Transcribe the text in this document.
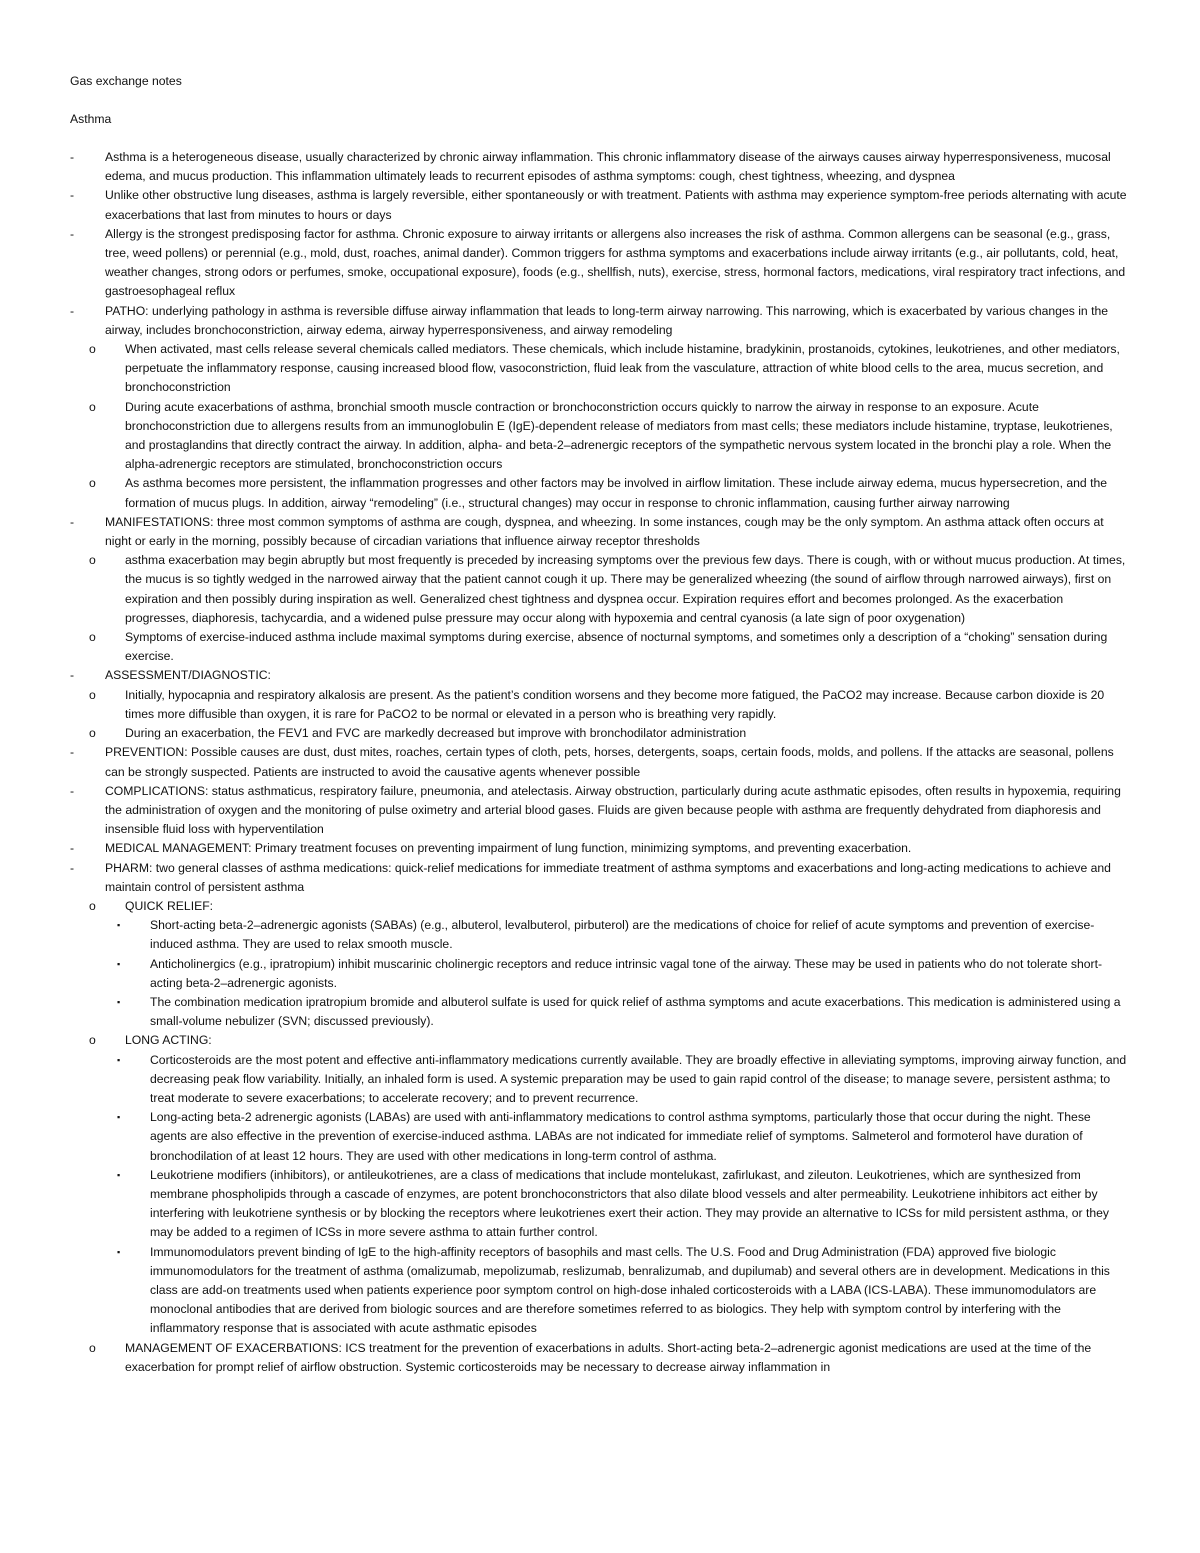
Gas exchange notes
Asthma
-	Asthma is a heterogeneous disease, usually characterized by chronic airway inflammation. This chronic inflammatory disease of the airways causes airway hyperresponsiveness, mucosal edema, and mucus production. This inflammation ultimately leads to recurrent episodes of asthma symptoms: cough, chest tightness, wheezing, and dyspnea
-	Unlike other obstructive lung diseases, asthma is largely reversible, either spontaneously or with treatment. Patients with asthma may experience symptom-free periods alternating with acute exacerbations that last from minutes to hours or days
-	Allergy is the strongest predisposing factor for asthma. Chronic exposure to airway irritants or allergens also increases the risk of asthma. Common allergens can be seasonal (e.g., grass, tree, weed pollens) or perennial (e.g., mold, dust, roaches, animal dander). Common triggers for asthma symptoms and exacerbations include airway irritants (e.g., air pollutants, cold, heat, weather changes, strong odors or perfumes, smoke, occupational exposure), foods (e.g., shellfish, nuts), exercise, stress, hormonal factors, medications, viral respiratory tract infections, and gastroesophageal reflux
-	PATHO: underlying pathology in asthma is reversible diffuse airway inflammation that leads to long-term airway narrowing. This narrowing, which is exacerbated by various changes in the airway, includes bronchoconstriction, airway edema, airway hyperresponsiveness, and airway remodeling
o When activated, mast cells release several chemicals called mediators. These chemicals, which include histamine, bradykinin, prostanoids, cytokines, leukotrienes, and other mediators, perpetuate the inflammatory response, causing increased blood flow, vasoconstriction, fluid leak from the vasculature, attraction of white blood cells to the area, mucus secretion, and bronchoconstriction
o During acute exacerbations of asthma, bronchial smooth muscle contraction or bronchoconstriction occurs quickly to narrow the airway in response to an exposure. Acute bronchoconstriction due to allergens results from an immunoglobulin E (IgE)-dependent release of mediators from mast cells; these mediators include histamine, tryptase, leukotrienes, and prostaglandins that directly contract the airway. In addition, alpha- and beta-2–adrenergic receptors of the sympathetic nervous system located in the bronchi play a role. When the alpha-adrenergic receptors are stimulated, bronchoconstriction occurs
o As asthma becomes more persistent, the inflammation progresses and other factors may be involved in airflow limitation. These include airway edema, mucus hypersecretion, and the formation of mucus plugs. In addition, airway “remodeling” (i.e., structural changes) may occur in response to chronic inflammation, causing further airway narrowing
-	MANIFESTATIONS: three most common symptoms of asthma are cough, dyspnea, and wheezing. In some instances, cough may be the only symptom. An asthma attack often occurs at night or early in the morning, possibly because of circadian variations that influence airway receptor thresholds
o asthma exacerbation may begin abruptly but most frequently is preceded by increasing symptoms over the previous few days. There is cough, with or without mucus production. At times, the mucus is so tightly wedged in the narrowed airway that the patient cannot cough it up. There may be generalized wheezing (the sound of airflow through narrowed airways), first on expiration and then possibly during inspiration as well. Generalized chest tightness and dyspnea occur. Expiration requires effort and becomes prolonged. As the exacerbation progresses, diaphoresis, tachycardia, and a widened pulse pressure may occur along with hypoxemia and central cyanosis (a late sign of poor oxygenation)
o Symptoms of exercise-induced asthma include maximal symptoms during exercise, absence of nocturnal symptoms, and sometimes only a description of a “choking” sensation during exercise.
-	ASSESSMENT/DIAGNOSTIC:
o Initially, hypocapnia and respiratory alkalosis are present. As the patient’s condition worsens and they become more fatigued, the PaCO2 may increase. Because carbon dioxide is 20 times more diffusible than oxygen, it is rare for PaCO2 to be normal or elevated in a person who is breathing very rapidly.
o During an exacerbation, the FEV1 and FVC are markedly decreased but improve with bronchodilator administration
-	PREVENTION: Possible causes are dust, dust mites, roaches, certain types of cloth, pets, horses, detergents, soaps, certain foods, molds, and pollens. If the attacks are seasonal, pollens can be strongly suspected. Patients are instructed to avoid the causative agents whenever possible
-	COMPLICATIONS: status asthmaticus, respiratory failure, pneumonia, and atelectasis. Airway obstruction, particularly during acute asthmatic episodes, often results in hypoxemia, requiring the administration of oxygen and the monitoring of pulse oximetry and arterial blood gases. Fluids are given because people with asthma are frequently dehydrated from diaphoresis and insensible fluid loss with hyperventilation
-	MEDICAL MANAGEMENT: Primary treatment focuses on preventing impairment of lung function, minimizing symptoms, and preventing exacerbation.
-	PHARM: two general classes of asthma medications: quick-relief medications for immediate treatment of asthma symptoms and exacerbations and long-acting medications to achieve and maintain control of persistent asthma
o QUICK RELIEF:
▪ Short-acting beta-2–adrenergic agonists (SABAs) (e.g., albuterol, levalbuterol, pirbuterol) are the medications of choice for relief of acute symptoms and prevention of exercise-induced asthma. They are used to relax smooth muscle.
▪ Anticholinergics (e.g., ipratropium) inhibit muscarinic cholinergic receptors and reduce intrinsic vagal tone of the airway. These may be used in patients who do not tolerate short-acting beta-2–adrenergic agonists.
▪ The combination medication ipratropium bromide and albuterol sulfate is used for quick relief of asthma symptoms and acute exacerbations. This medication is administered using a small-volume nebulizer (SVN; discussed previously).
o LONG ACTING:
▪ Corticosteroids are the most potent and effective anti-inflammatory medications currently available. They are broadly effective in alleviating symptoms, improving airway function, and decreasing peak flow variability. Initially, an inhaled form is used. A systemic preparation may be used to gain rapid control of the disease; to manage severe, persistent asthma; to treat moderate to severe exacerbations; to accelerate recovery; and to prevent recurrence.
▪ Long-acting beta-2 adrenergic agonists (LABAs) are used with anti-inflammatory medications to control asthma symptoms, particularly those that occur during the night. These agents are also effective in the prevention of exercise-induced asthma. LABAs are not indicated for immediate relief of symptoms. Salmeterol and formoterol have duration of bronchodilation of at least 12 hours. They are used with other medications in long-term control of asthma.
▪ Leukotriene modifiers (inhibitors), or antileukotrienes, are a class of medications that include montelukast, zafirlukast, and zileuton. Leukotrienes, which are synthesized from membrane phospholipids through a cascade of enzymes, are potent bronchoconstrictors that also dilate blood vessels and alter permeability. Leukotriene inhibitors act either by interfering with leukotriene synthesis or by blocking the receptors where leukotrienes exert their action. They may provide an alternative to ICSs for mild persistent asthma, or they may be added to a regimen of ICSs in more severe asthma to attain further control.
▪ Immunomodulators prevent binding of IgE to the high-affinity receptors of basophils and mast cells. The U.S. Food and Drug Administration (FDA) approved five biologic immunomodulators for the treatment of asthma (omalizumab, mepolizumab, reslizumab, benralizumab, and dupilumab) and several others are in development. Medications in this class are add-on treatments used when patients experience poor symptom control on high-dose inhaled corticosteroids with a LABA (ICS-LABA). These immunomodulators are monoclonal antibodies that are derived from biologic sources and are therefore sometimes referred to as biologics. They help with symptom control by interfering with the inflammatory response that is associated with acute asthmatic episodes
o MANAGEMENT OF EXACERBATIONS: ICS treatment for the prevention of exacerbations in adults. Short-acting beta-2–adrenergic agonist medications are used at the time of the exacerbation for prompt relief of airflow obstruction. Systemic corticosteroids may be necessary to decrease airway inflammation in
